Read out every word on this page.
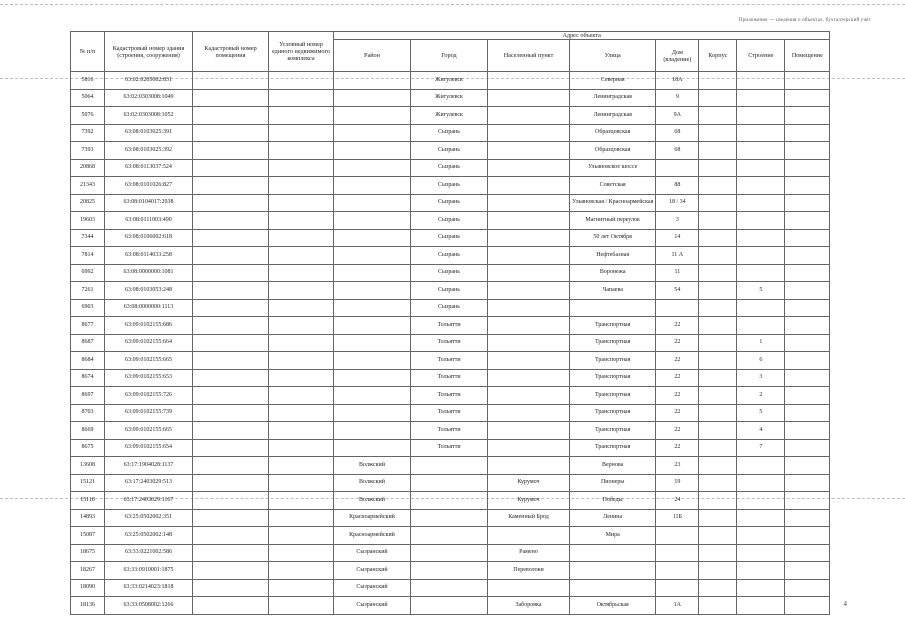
Приложение — сведения о объектах, бухгалтерский учёт
№ п/п	Кадастровый номер здания (строения, сооружения)	Кадастровый номер помещения	Условный номер единого недвижимого комплекса	Адрес объекта							
				Район	Город	Населенный пункт	Улица	Дом (владение)	Корпус	Строение	Помещение
5816	63:02:0205002:831				Жигулевск		Северная	18А			
5064	63:02:0303008:1049				Жигулевск		Ленинградская	9			
5076	63:02:0303008:1052				Жигулевск		Ленинградская	9А			
7392	63:08:0103025:391				Сызрань		Образцовская	68			
7393	63:08:0103025:392				Сызрань		Образцовская	68			
20868	63:08:0113037:524				Сызрань		Ульяновское шоссе				
21343	63:08:0101026:827				Сызрань		Советская	88			
20825	63:08:0104017:2038				Сызрань		Ульяновская / Красноармейская	18 / 34			
19603	63:08:0111003:490				Сызрань		Магнитный переулок	3			
7344	63:08:0106002:618				Сызрань		50 лет Октября	14			
7814	63:08:0114033:258				Сызрань		Нефтебазная	11 А			
6992	63:08:0000000:1081				Сызрань		Воронежа	11			
7261	63:08:0103053:248				Сызрань		Чапаева	54		5	
6903	63:08:0000000:1113				Сызрань						
8677	63:09:0102155:686				Тольятти		Транспортная	22			
8687	63:09:0102155:664				Тольятти		Транспортная	22		1	
8684	63:09:0102155:665				Тольятти		Транспортная	22		6	
8674	63:09:0102155:653				Тольятти		Транспортная	22		3	
8697	63:09:0102155:726				Тольятти		Транспортная	22		2	
8703	63:09:0102155:739				Тольятти		Транспортная	22		5	
8669	63:09:0102155:665				Тольятти		Транспортная	22		4	
8675	63:09:0102155:654				Тольятти		Транспортная	22		7	
13608	63:17:1904028:1137			Волжский			Вернова	23			
15121	63:17:2403029:513			Волжский		Курумоч	Пионеры	19			
15118	63:17:2403029:1167			Волжский		Курумоч	Победы	24			
14893	63:25:0502002:351			Красноармейский		Каменный Брод	Ленина	11Б			
15087	63:25:0502002:148			Красноармейский			Мира				
18675	63:33:0221002:586			Сызранский		Рамено					
18267	63:33:0910001:1875			Сызранский		Переволоки					
18090	63:33:0214023:1818			Сызранский							
18136	63:33:0508002:1266			Сызранский		Заборовка	Октябрьская	1А				4
